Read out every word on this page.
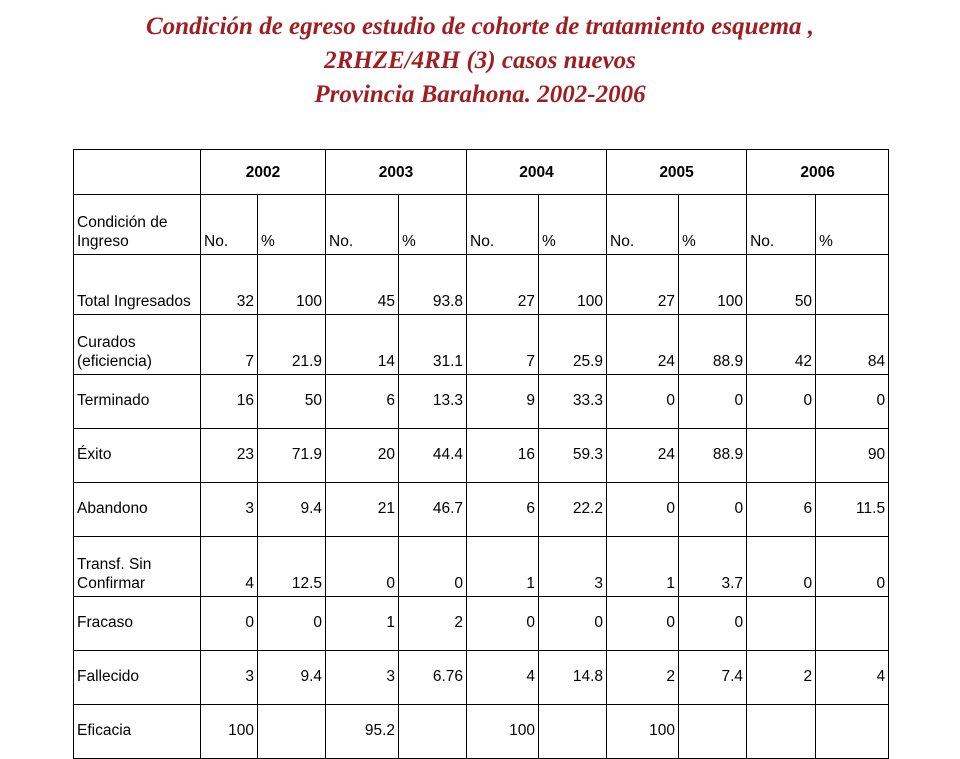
Condición de egreso estudio de cohorte de tratamiento esquema ,
2RHZE/4RH (3) casos nuevos
Provincia Barahona. 2002-2006
	2002		2003		2004		2005		2006	
Condición de Ingreso	No.	%	No.	%	No.	%	No.	%	No.	%
Total Ingresados	32	100	45	93.8	27	100	27	100	50	
Curados (eficiencia)	7	21.9	14	31.1	7	25.9	24	88.9	42	84
Terminado	16	50	6	13.3	9	33.3	0	0	0	0
Éxito	23	71.9	20	44.4	16	59.3	24	88.9		90
Abandono	3	9.4	21	46.7	6	22.2	0	0	6	11.5
Transf. Sin Confirmar	4	12.5	0	0	1	3	1	3.7	0	0
Fracaso	0	0	1	2	0	0	0	0		
Fallecido	3	9.4	3	6.76	4	14.8	2	7.4	2	4
Eficacia	100		95.2		100		100			
